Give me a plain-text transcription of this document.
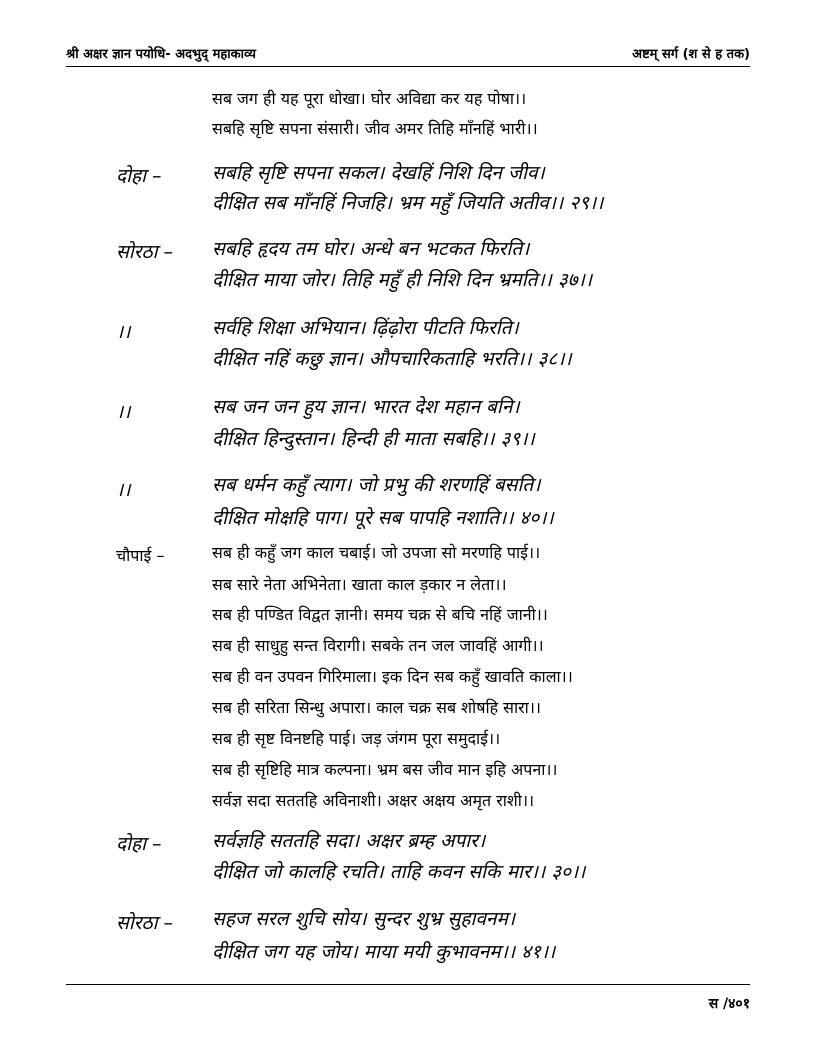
श्री अक्षर ज्ञान पयोधि- अदभुद् महाकाव्य	अष्टम् सर्ग (श से ह तक)
सब जग ही यह पूरा धोखा। घोर अविद्या कर यह पोषा।।
सबहि सृष्टि सपना संसारी। जीव अमर तिहि माँनहिं भारी।।
दोहा –	सबहि सृष्टि सपना सकल। देखहिं निशि दिन जीव।
दीक्षित सब माँनहिं निजहि। भ्रम महुँ जियति अतीव।। २९।।
सोरठा – सबहि हृदय तम घोर। अन्धे बन भटकत फिरति।
दीक्षित माया जोर। तिहि महुँ ही निशि दिन भ्रमति।। ३७।।
।।	सर्वहि शिक्षा अभियान। ढ़िंढ़ोरा पीटति फिरति।
दीक्षित नहिं कछु ज्ञान। औपचारिकताहि भरति।। ३८।।
।।	सब जन जन हुय ज्ञान। भारत देश महान बनि।
दीक्षित हिन्दुस्तान। हिन्दी ही माता सबहि।। ३९।।
।।	सब धर्मन कहुँ त्याग। जो प्रभु की शरणहिं बसति।
दीक्षित मोक्षहि पाग। पूरे सब पापहि नशाति।। ४०।।
चौपाई –	सब ही कहुँ जग काल चबाई। जो उपजा सो मरणहि पाई।।
सब सारे नेता अभिनेता। खाता काल ड़कार न लेता।।
सब ही पण्डित विद्वत ज्ञानी। समय चक्र से बचि नहिं जानी।।
सब ही साधुहु सन्त विरागी। सबके तन जल जावहिं आगी।।
सब ही वन उपवन गिरिमाला। इक दिन सब कहुँ खावति काला।।
सब ही सरिता सिन्धु अपारा। काल चक्र सब शोषहि सारा।।
सब ही सृष्ट विनष्टहि पाई। जड़ जंगम पूरा समुदाई।।
सब ही सृष्टिहि मात्र कल्पना। भ्रम बस जीव मान इहि अपना।।
सर्वज्ञ सदा सततहि अविनाशी। अक्षर अक्षय अमृत राशी।।
दोहा –	सर्वज्ञहि सततहि सदा। अक्षर ब्रम्ह अपार।
दीक्षित जो कालहि रचति। ताहि कवन सकि मार।। ३०।।
सोरठा – सहज सरल शुचि सोय। सुन्दर शुभ्र सुहावनम।
दीक्षित जग यह जोय। माया मयी कुभावनम।। ४१।।
स /४०१
